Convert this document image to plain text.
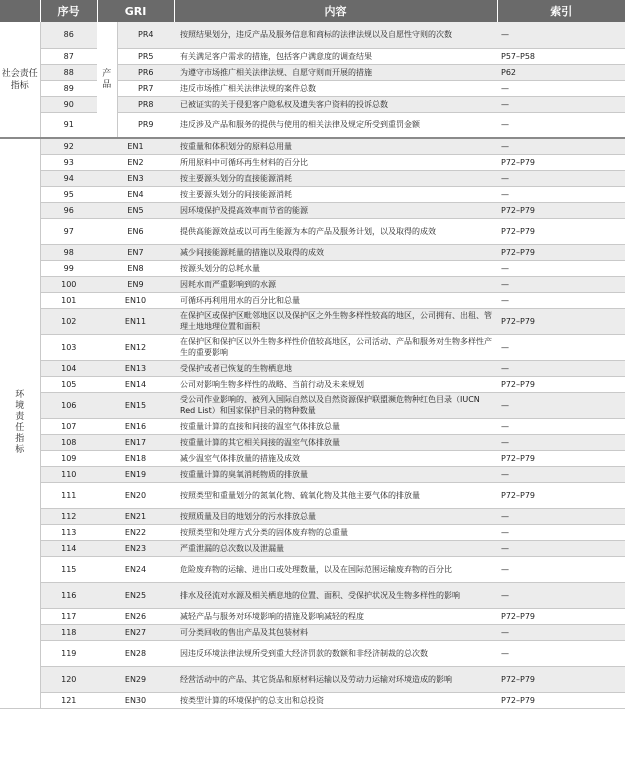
	序号	GRI		内容	索引
社会责任指标	86	产品	PR4	按照结果划分，违反产品及服务信息和商标的法律法规以及自愿性守则的次数	—
	87		PR5	有关满足客户需求的措施，包括客户满意度的调查结果	P57–P58
	88		PR6	为遵守市场推广相关法律法规、自愿守则而开展的措施	P62
	89		PR7	违反市场推广相关法律法规的案件总数	—
	90		PR8	已被证实的关于侵犯客户隐私权及遗失客户资料的投诉总数	—
	91		PR9	违反涉及产品和服务的提供与使用的相关法律及规定所受到重罚金额	—
环境责任指标	92	EN1		按重量和体积划分的原料总用量	—
	93	EN2		所用原料中可循环再生材料的百分比	P72–P79
	94	EN3		按主要源头划分的直接能源消耗	—
	95	EN4		按主要源头划分的间接能源消耗	—
	96	EN5		因环境保护及提高效率而节省的能源	P72–P79
	97	EN6		提供高能源效益或以可再生能源为本的产品及服务计划，以及取得的成效	P72–P79
	98	EN7		减少间接能源耗量的措施以及取得的成效	P72–P79
	99	EN8		按源头划分的总耗水量	—
	100	EN9		因耗水而严重影响到的水源	—
	101	EN10		可循环再利用用水的百分比和总量	—
	102	EN11		在保护区或保护区毗邻地区以及保护区之外生物多样性较高的地区，公司拥有、出租、管理土地地理位置和面积	P72–P79
	103	EN12		在保护区和保护区以外生物多样性价值较高地区，公司活动、产品和服务对生物多样性产生的重要影响	—
	104	EN13		受保护或者已恢复的生物栖息地	—
	105	EN14		公司对影响生物多样性的战略、当前行动及未来规划	P72–P79
	106	EN15		受公司作业影响的、被列入国际自然以及自然资源保护联盟濒危物种红色目录（IUCN Red List）和国家保护目录的物种数量	—
	107	EN16		按重量计算的直接和间接的温室气体排放总量	—
	108	EN17		按重量计算的其它相关间接的温室气体排放量	—
	109	EN18		减少温室气体排放量的措施及成效	P72–P79
	110	EN19		按重量计算的臭氧消耗物质的排放量	—
	111	EN20		按照类型和重量划分的氮氧化物、硫氧化物及其他主要气体的排放量	P72–P79
	112	EN21		按照质量及目的地划分的污水排放总量	—
	113	EN22		按照类型和处理方式分类的固体废弃物的总重量	—
	114	EN23		严重泄漏的总次数以及泄漏量	—
	115	EN24		危险废弃物的运输、进出口或处理数量，以及在国际范围运输废弃物的百分比	—
	116	EN25		排水及径流对水源及相关栖息地的位置、面积、受保护状况及生物多样性的影响	—
	117	EN26		减轻产品与服务对环境影响的措施及影响减轻的程度	P72–P79
	118	EN27		可分类回收的售出产品及其包装材料	—
	119	EN28		因违反环境法律法规所受到重大经济罚款的数额和非经济制裁的总次数	—
	120	EN29		经营活动中的产品、其它货品和原材料运输以及劳动力运输对环境造成的影响	P72–P79
	121	EN30		按类型计算的环境保护的总支出和总投资	P72–P79
